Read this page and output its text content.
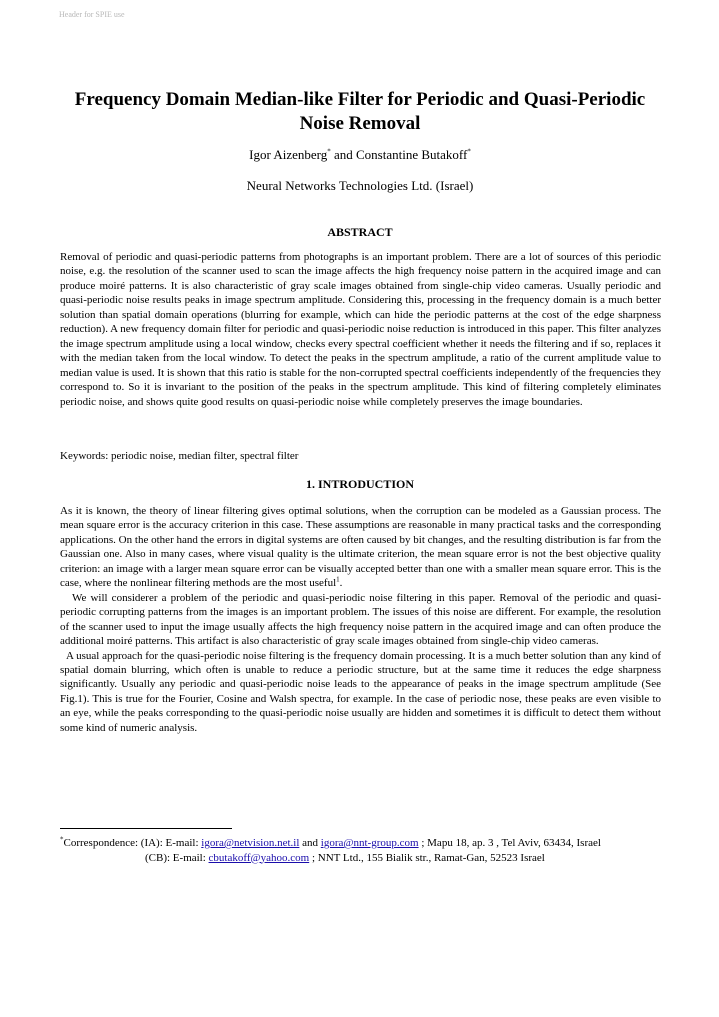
Header for SPIE use
Frequency Domain Median-like Filter for Periodic and Quasi-Periodic Noise Removal
Igor Aizenberg* and Constantine Butakoff*
Neural Networks Technologies Ltd. (Israel)
ABSTRACT

Removal of periodic and quasi-periodic patterns from photographs is an important problem. There are a lot of sources of this periodic noise, e.g. the resolution of the scanner used to scan the image affects the high frequency noise pattern in the acquired image and can produce moiré patterns. It is also characteristic of gray scale images obtained from single-chip video cameras. Usually periodic and quasi-periodic noise results peaks in image spectrum amplitude. Considering this, processing in the frequency domain is a much better solution than spatial domain operations (blurring for example, which can hide the periodic patterns at the cost of the edge sharpness reduction). A new frequency domain filter for periodic and quasi-periodic noise reduction is introduced in this paper. This filter analyzes the image spectrum amplitude using a local window, checks every spectral coefficient whether it needs the filtering and if so, replaces it with the median taken from the local window. To detect the peaks in the spectrum amplitude, a ratio of the current amplitude value to median value is used. It is shown that this ratio is stable for the non-corrupted spectral coefficients independently of the frequencies they correspond to. So it is invariant to the position of the peaks in the spectrum amplitude. This kind of filtering completely eliminates periodic noise, and shows quite good results on quasi-periodic noise while completely preserves the image boundaries.

Keywords: periodic noise, median filter, spectral filter

1. INTRODUCTION

As it is known, the theory of linear filtering gives optimal solutions, when the corruption can be modeled as a Gaussian process. The mean square error is the accuracy criterion in this case. These assumptions are reasonable in many practical tasks and the corresponding applications. On the other hand the errors in digital systems are often caused by bit changes, and the resulting distribution is far from the Gaussian one. Also in many cases, where visual quality is the ultimate criterion, the mean square error is not the best objective quality criterion: an image with a larger mean square error can be visually accepted better than one with a smaller mean square error. This is the case, where the nonlinear filtering methods are the most useful$^1$.

We will considerer a problem of the periodic and quasi-periodic noise filtering in this paper. Removal of the periodic and quasi-periodic corrupting patterns from the images is an important problem. The issues of this noise are different. For example, the resolution of the scanner used to input the image usually affects the high frequency noise pattern in the acquired image and can often produce the additional moiré patterns. This artifact is also characteristic of gray scale images obtained from single-chip video cameras.

A usual approach for the quasi-periodic noise filtering is the frequency domain processing. It is a much better solution than any kind of spatial domain blurring, which often is unable to reduce a periodic structure, but at the same time it reduces the edge sharpness significantly. Usually any periodic and quasi-periodic noise leads to the appearance of peaks in the image spectrum amplitude (See Fig.1). This is true for the Fourier, Cosine and Walsh spectra, for example. In the case of periodic nose, these peaks are even visible to an eye, while the peaks corresponding to the quasi-periodic noise usually are hidden and sometimes it is difficult to detect them without some kind of numeric analysis.

*Correspondence: (IA): E-mail: igora@netvision.net.il and igora@nnt-group.com ; Mapu 18, ap. 3 , Tel Aviv, 63434, Israel
(CB): E-mail: cbutakoff@yahoo.com ; NNT Ltd., 155 Bialik str., Ramat-Gan, 52523 Israel
